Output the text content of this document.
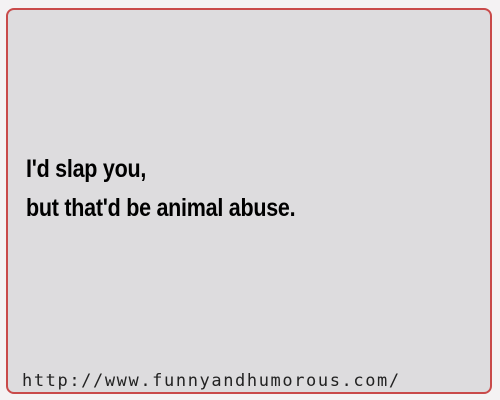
I'd slap you,
but that'd be animal abuse.

http://www.funnyandhumorous.com/
